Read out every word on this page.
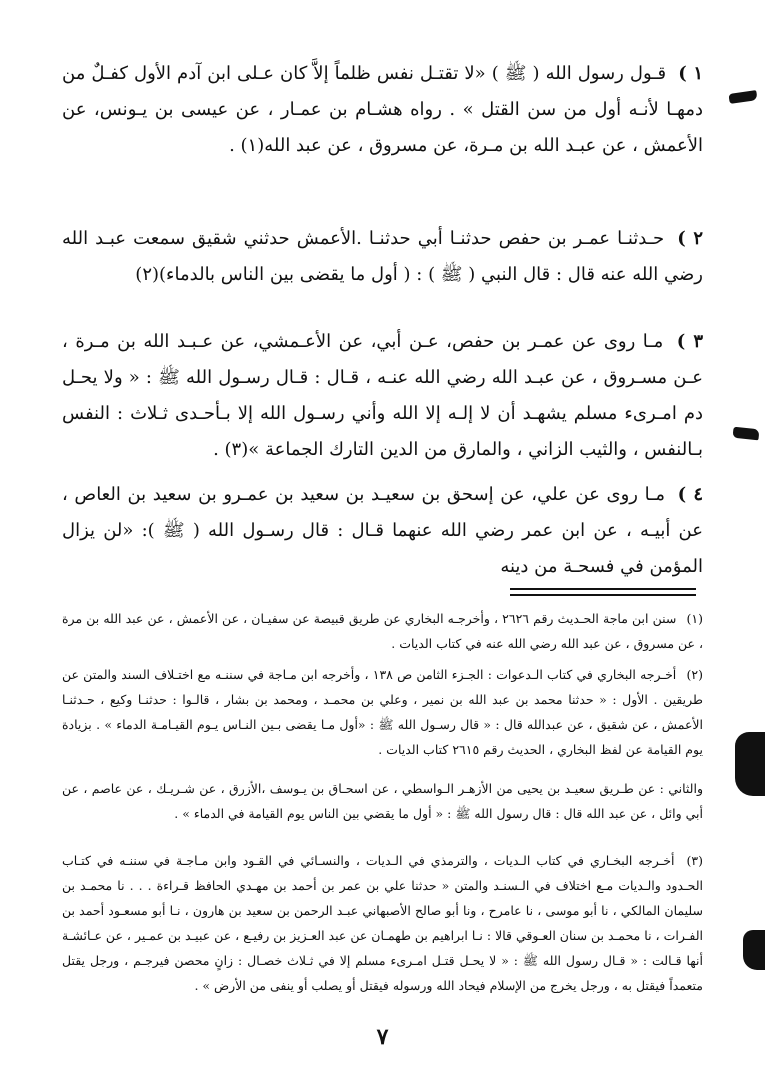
١ ) قـول رسول الله ( ﷺ ) «لا تقتـل نفس ظلماً إلاَّ كان عـلى ابن آدم الأول كفـلٌ من دمهـا لأنـه أول من سن القتل » . رواه هشـام بن عمـار ، عن عيسى بن يـونس، عن الأعمش ، عن عبـد الله بن مـرة، عن مسروق ، عن عبد الله(١) .

٢ ) حـدثنـا عمـر بن حفص حدثنـا أبي حدثنـا .الأعمش حدثني شقيق سمعت عبـد الله رضي الله عنه قال : قال النبي ( ﷺ ) : ( أول ما يقضى بين الناس بالدماء)(٢)

٣ ) مـا روى عن عمـر بن حفص، عـن أبي، عن الأعـمشي، عن عـبـد الله بن مـرة ، عـن مسـروق ، عن عبـد الله رضي الله عنـه ، قـال : قـال رسـول الله ﷺ : « ولا يحـل دم امـرىء مسلم يشهـد أن لا إلـه إلا الله وأني رسـول الله إلا بـأحـدى ثـلاث : النفس بـالنفس ، والثيب الزاني ، والمارق من الدين التارك الجماعة »(٣) .

٤ ) مـا روى عن علي، عن إسحق بن سعيـد بن سعيد بن عمـرو بن سعيد بن العاص ، عن أبيـه ، عن ابن عمر رضي الله عنهما قـال : قال رسـول الله ( ﷺ ): «لن يزال المؤمن في فسحـة من دينه

(١) سنن ابن ماجة الحـديث رقم ٢٦٢٦ ، وأخرجـه البخاري عن طريق قبيصة عن سفيـان ، عن الأعمش ، عن عبد الله بن مرة ، عن مسروق ، عن عبد الله رضي الله عنه في كتاب الديات .

(٢) أخـرجه البخاري في كتاب الـدعوات : الجـزء الثامن ص ١٣٨ ، وأخرجه ابن مـاجة في سننـه مع اختـلاف السند والمتن عن طريقين . الأول : « حدثنا محمد بن عبد الله بن نمير ، وعلي بن محمـد ، ومحمد بن بشار ، قالـوا : حدثنـا وكيع ، حـدثنـا الأعمش ، عن شقيق ، عن عبدالله قال : « قال رسـول الله ﷺ : «أول مـا يقضى بـين النـاس يـوم القيـامـة الدماء » . بزيادة يوم القيامة عن لفظ البخاري ، الحديث رقم ٢٦١٥ كتاب الديات .

والثاني : عن طـريق سعيـد بن يحيى من الأزهـر الـواسطي ، عن اسحـاق بن يـوسف ،الأزرق ، عن شـريـك ، عن عاصم ، عن أبي وائل ، عن عبد الله قال : قال رسول الله ﷺ : « أول ما يقضي بين الناس يوم القيامة في الدماء » .

(٣) أخـرجه البخـاري في كتاب الـديات ، والترمذي في الـديات ، والنسـائي في القـود وابن مـاجـة في سننـه في كتـاب الحـدود والـديات مـع اختلاف في الـسنـد والمتن « حدثنا علي بن عمر بن أحمد بن مهـدي الحافظ قـراءة . . . نا محمـد بن سليمان المالكي ، نا أبو موسى ، نا عامرح ، ونا أبو صالح الأصبهاني عبـد الرحمن بن سعيد بن هارون ، نـا أبو مسعـود أحمد بن الفـرات ، نا محمـد بن سنان العـوقي قالا : نـا ابراهيم بن طهمـان عن عبد العـزيز بن رفيـع ، عن عبيـد بن عمـير ، عن عـائشـة أنها قـالت : « قـال رسول الله ﷺ : « لا يحـل قتـل امـرىء مسلم إلا في ثـلاث خصـال : زانٍ محصن فيرجـم ، ورجل يقتل متعمداً فيقتل به ، ورجل يخرج من الإسلام فيحاد الله ورسوله فيقتل أو يصلب أو ينفى من الأرض » .

٧
